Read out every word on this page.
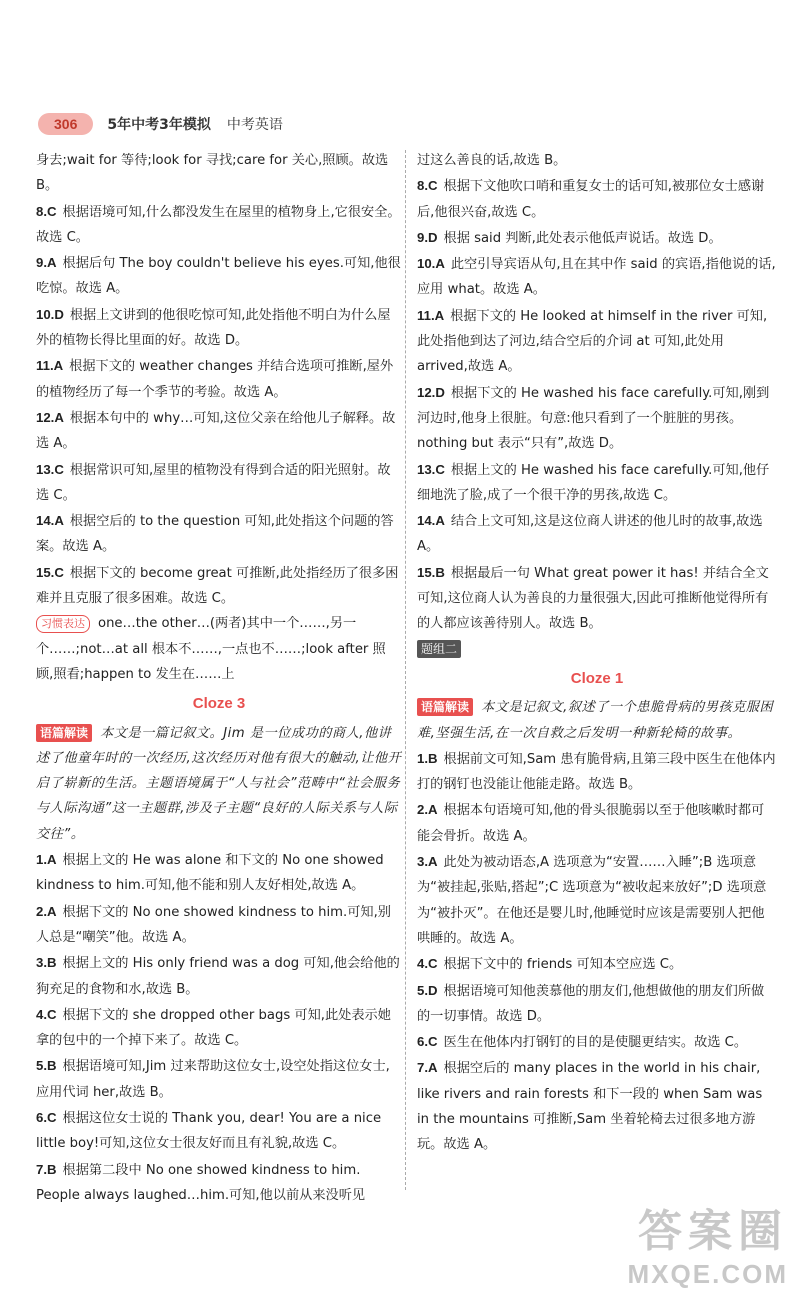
306	5年中考3年模拟 中考英语

身去;wait for 等待;look for 寻找;care for 关心,照顾。故选 B。

8.C 根据语境可知,什么都没发生在屋里的植物身上,它很安全。故选 C。

9.A 根据后句 The boy couldn't believe his eyes.可知,他很吃惊。故选 A。

10.D 根据上文讲到的他很吃惊可知,此处指他不明白为什么屋外的植物长得比里面的好。故选 D。

11.A 根据下文的 weather changes 并结合选项可推断,屋外的植物经历了每一个季节的考验。故选 A。

12.A 根据本句中的 why…可知,这位父亲在给他儿子解释。故选 A。

13.C 根据常识可知,屋里的植物没有得到合适的阳光照射。故选 C。

14.A 根据空后的 to the question 可知,此处指这个问题的答案。故选 A。

15.C 根据下文的 become great 可推断,此处指经历了很多困难并且克服了很多困难。故选 C。

习惯表达 one…the other…(两者)其中一个……,另一个……;not…at all 根本不……,一点也不……;look after 照顾,照看;happen to 发生在……上

Cloze 3

语篇解读 本文是一篇记叙文。Jim 是一位成功的商人,他讲述了他童年时的一次经历,这次经历对他有很大的触动,让他开启了崭新的生活。主题语境属于“人与社会”范畴中“社会服务与人际沟通”这一主题群,涉及子主题“良好的人际关系与人际交往”。

1.A 根据上文的 He was alone 和下文的 No one showed kindness to him.可知,他不能和别人友好相处,故选 A。

2.A 根据下文的 No one showed kindness to him.可知,别人总是“嘲笑”他。故选 A。

3.B 根据上文的 His only friend was a dog 可知,他会给他的狗充足的食物和水,故选 B。

4.C 根据下文的 she dropped other bags 可知,此处表示她拿的包中的一个掉下来了。故选 C。

5.B 根据语境可知,Jim 过来帮助这位女士,设空处指这位女士,应用代词 her,故选 B。

6.C 根据这位女士说的 Thank you, dear! You are a nice little boy!可知,这位女士很友好而且有礼貌,故选 C。

7.B 根据第二段中 No one showed kindness to him. People always laughed…him.可知,他以前从来没听见

过这么善良的话,故选 B。

8.C 根据下文他吹口哨和重复女士的话可知,被那位女士感谢后,他很兴奋,故选 C。

9.D 根据 said 判断,此处表示他低声说话。故选 D。

10.A 此空引导宾语从句,且在其中作 said 的宾语,指他说的话,应用 what。故选 A。

11.A 根据下文的 He looked at himself in the river 可知,此处指他到达了河边,结合空后的介词 at 可知,此处用 arrived,故选 A。

12.D 根据下文的 He washed his face carefully.可知,刚到河边时,他身上很脏。句意:他只看到了一个脏脏的男孩。nothing but 表示“只有”,故选 D。

13.C 根据上文的 He washed his face carefully.可知,他仔细地洗了脸,成了一个很干净的男孩,故选 C。

14.A 结合上文可知,这是这位商人讲述的他儿时的故事,故选 A。

15.B 根据最后一句 What great power it has! 并结合全文可知,这位商人认为善良的力量很强大,因此可推断他觉得所有的人都应该善待别人。故选 B。

题组二

Cloze 1

语篇解读 本文是记叙文,叙述了一个患脆骨病的男孩克服困难,坚强生活,在一次自救之后发明一种新轮椅的故事。

1.B 根据前文可知,Sam 患有脆骨病,且第三段中医生在他体内打的钢钉也没能让他能走路。故选 B。

2.A 根据本句语境可知,他的骨头很脆弱以至于他咳嗽时都可能会骨折。故选 A。

3.A 此处为被动语态,A 选项意为“安置……入睡”;B 选项意为“被挂起,张贴,搭起”;C 选项意为“被收起来放好”;D 选项意为“被扑灭”。在他还是婴儿时,他睡觉时应该是需要别人把他哄睡的。故选 A。

4.C 根据下文中的 friends 可知本空应选 C。

5.D 根据语境可知他羡慕他的朋友们,他想做他的朋友们所做的一切事情。故选 D。

6.C 医生在他体内打钢钉的目的是使腿更结实。故选 C。

7.A 根据空后的 many places in the world in his chair, like rivers and rain forests 和下一段的 when Sam was in the mountains 可推断,Sam 坐着轮椅去过很多地方游玩。故选 A。

答案圈
MXQE.COM
